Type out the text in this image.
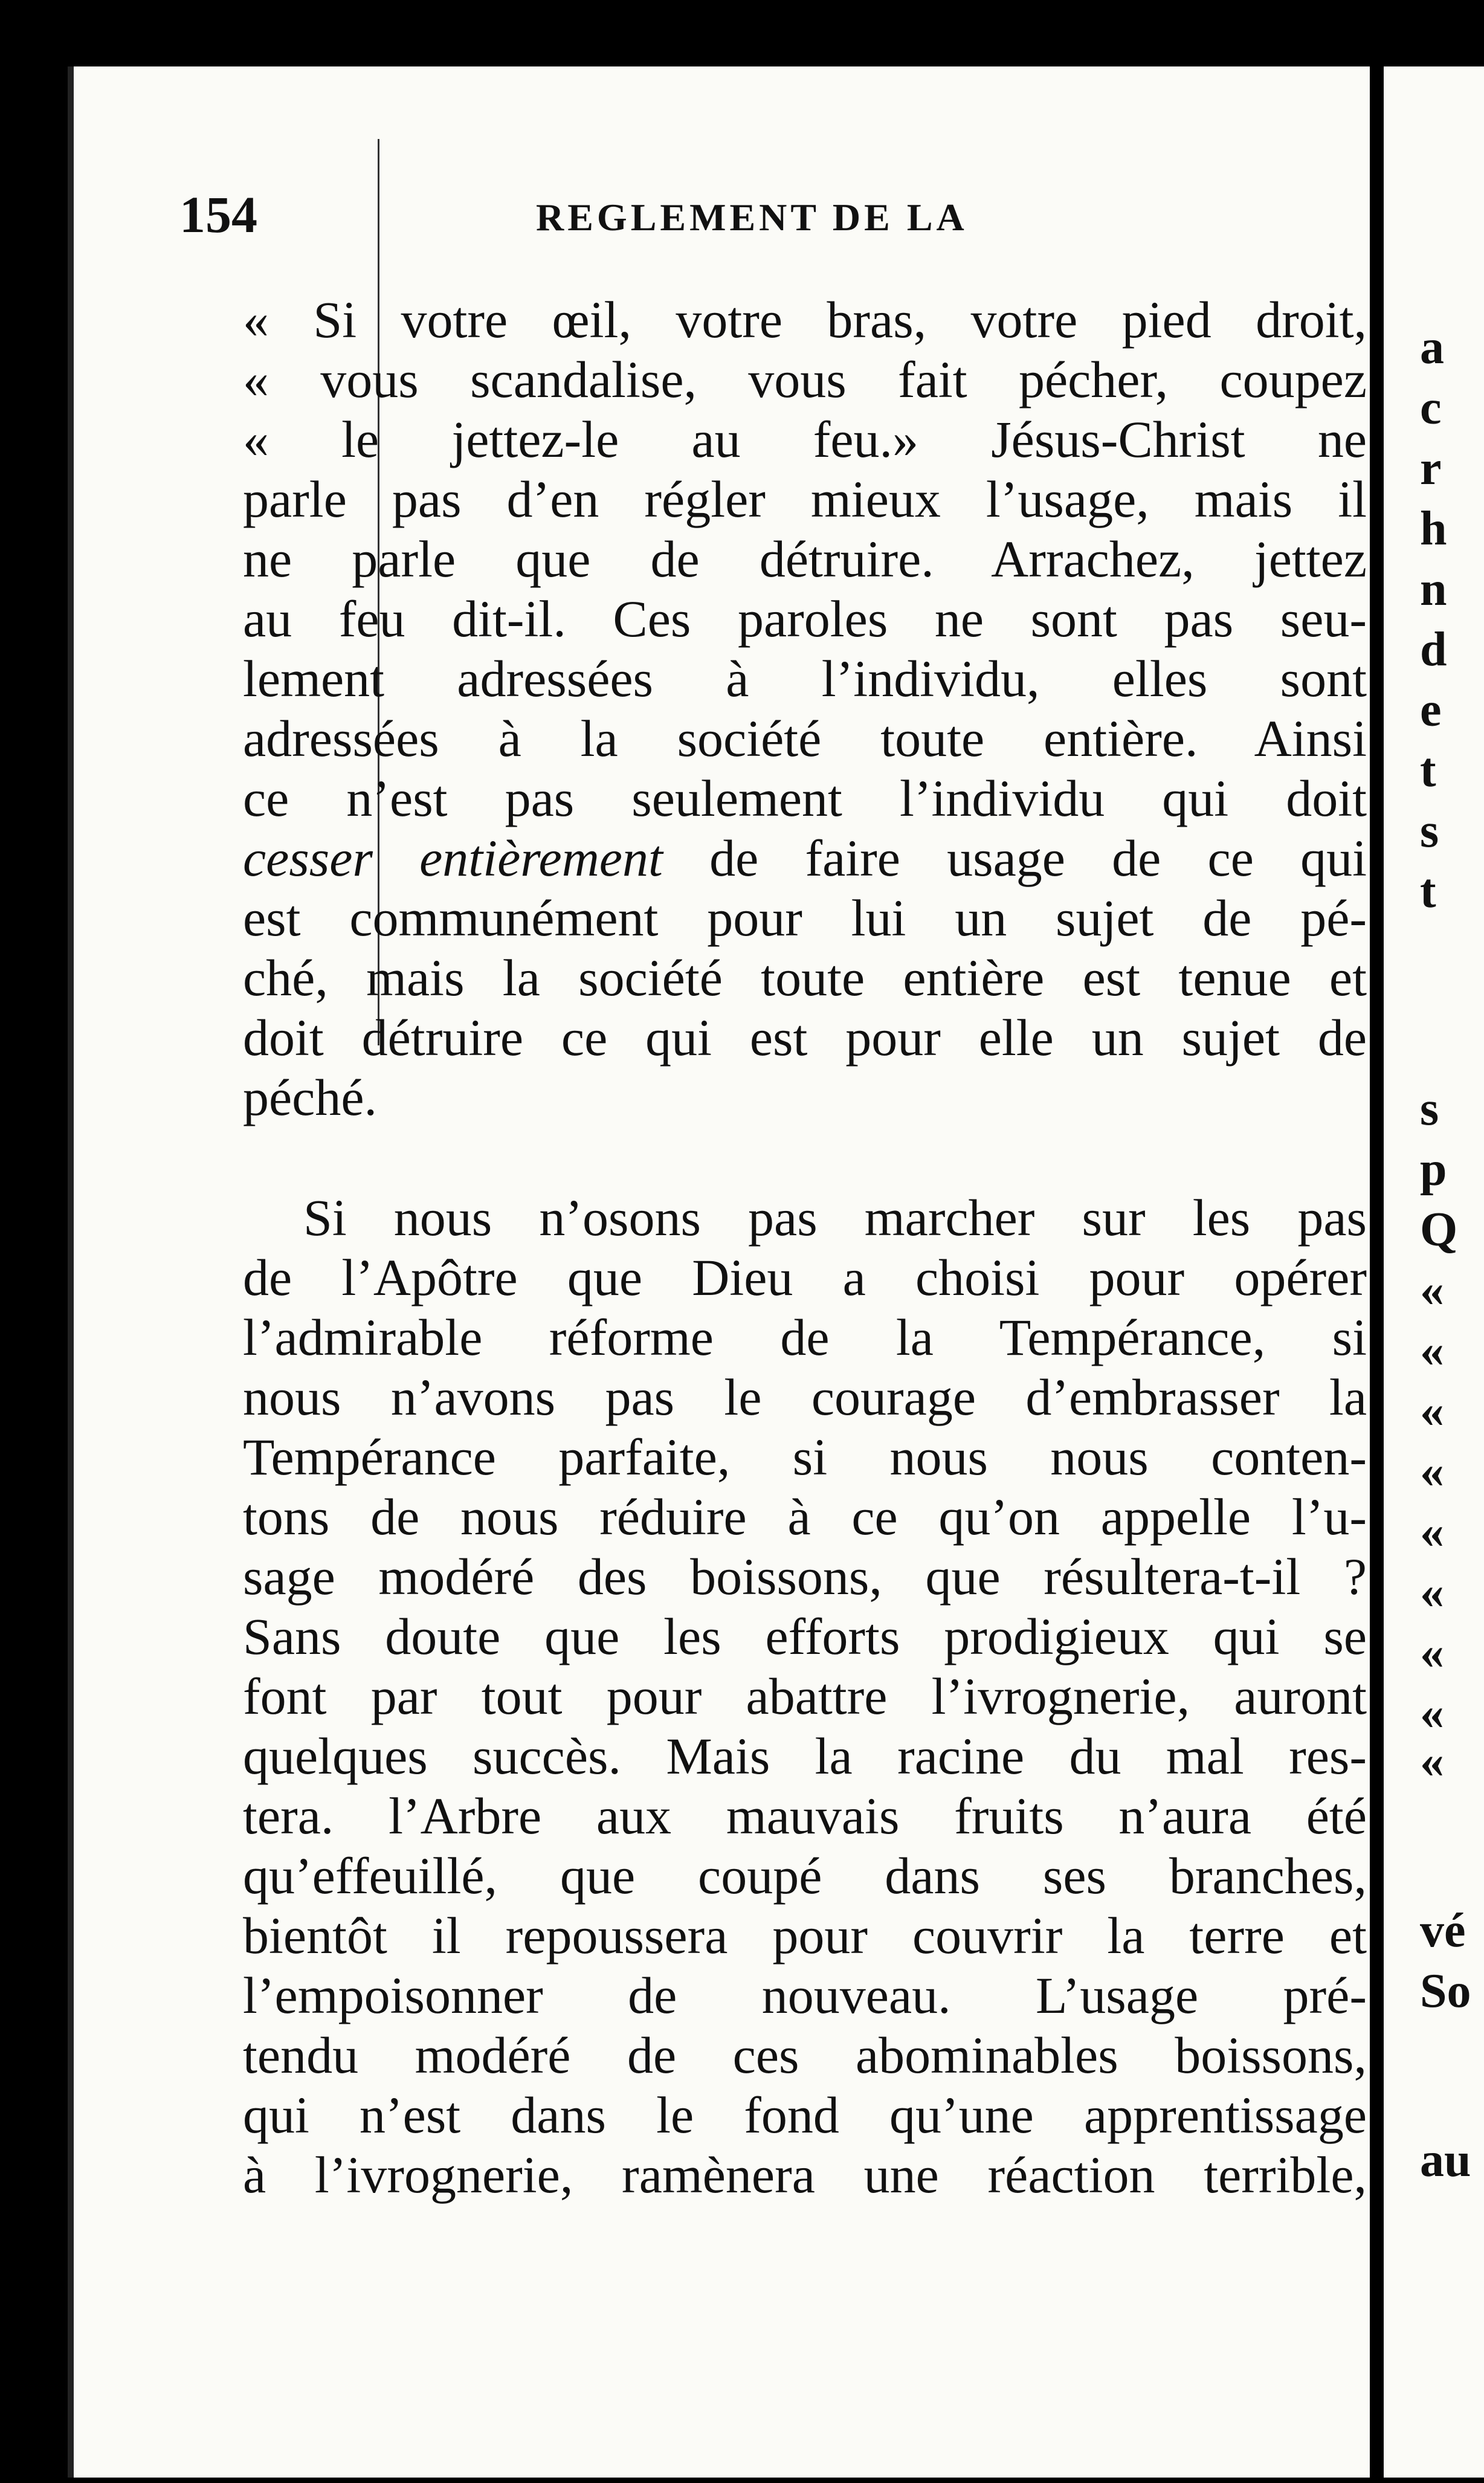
154	REGLEMENT DE LA
« Si votre œil, votre bras, votre pied droit,
« vous scandalise, vous fait pécher, coupez
« le jettez-le au feu.» Jésus-Christ ne
parle pas d’en régler mieux l’usage, mais il
ne parle que de détruire. Arrachez, jettez
au feu dit-il. Ces paroles ne sont pas seu-
lement adressées à l’individu, elles sont
adressées à la société toute entière. Ainsi
ce n’est pas seulement l’individu qui doit
cesser entièrement de faire usage de ce qui
est communément pour lui un sujet de pé-
ché, mais la société toute entière est tenue et
doit détruire ce qui est pour elle un sujet de
péché.
Si nous n’osons pas marcher sur les pas
de l’Apôtre que Dieu a choisi pour opérer
l’admirable réforme de la Tempérance, si
nous n’avons pas le courage d’embrasser la
Tempérance parfaite, si nous nous conten-
tons de nous réduire à ce qu’on appelle l’u-
sage modéré des boissons, que résultera-t-il ?
Sans doute que les efforts prodigieux qui se
font par tout pour abattre l’ivrognerie, auront
quelques succès. Mais la racine du mal res-
tera. l’Arbre aux mauvais fruits n’aura été
qu’effeuillé, que coupé dans ses branches,
bientôt il repoussera pour couvrir la terre et
l’empoisonner de nouveau. L’usage pré-
tendu modéré de ces abominables boissons,
qui n’est dans le fond qu’une apprentissage
à l’ivrognerie, ramènera une réaction terrible,
a
c
r
h
n
d
e
t
s
t
s
p
Q
«
«
«
«
«
«
«
«
«
vé
So
au
